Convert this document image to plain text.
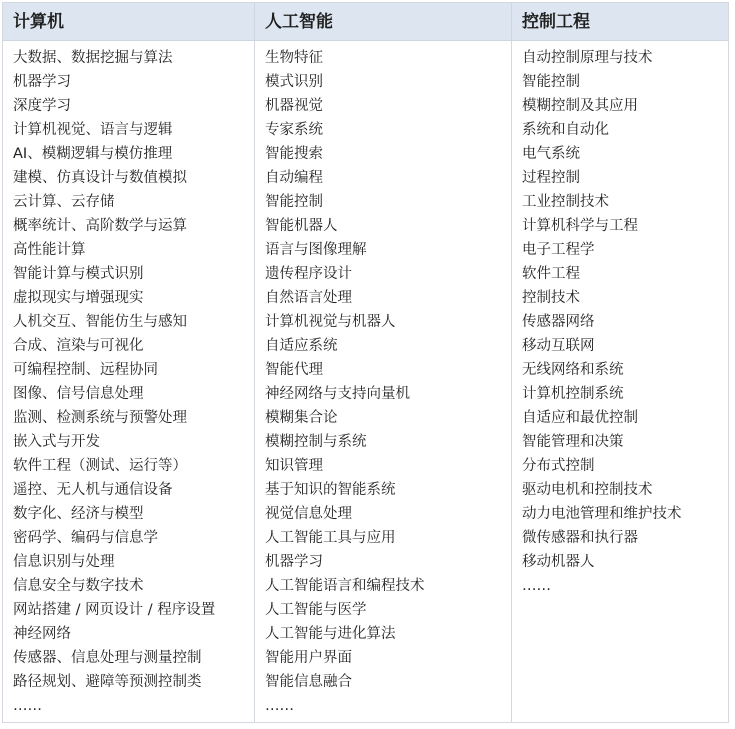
计算机	人工智能	控制工程
大数据、数据挖掘与算法
机器学习
深度学习
计算机视觉、语言与逻辑
AI、模糊逻辑与模仿推理
建模、仿真设计与数值模拟
云计算、云存储
概率统计、高阶数学与运算
高性能计算
智能计算与模式识别
虚拟现实与增强现实
人机交互、智能仿生与感知
合成、渲染与可视化
可编程控制、远程协同
图像、信号信息处理
监测、检测系统与预警处理
嵌入式与开发
软件工程（测试、运行等）
遥控、无人机与通信设备
数字化、经济与模型
密码学、编码与信息学
信息识别与处理
信息安全与数字技术
网站搭建 / 网页设计 / 程序设置
神经网络
传感器、信息处理与测量控制
路径规划、避障等预测控制类
……
生物特征
模式识别
机器视觉
专家系统
智能搜索
自动编程
智能控制
智能机器人
语言与图像理解
遗传程序设计
自然语言处理
计算机视觉与机器人
自适应系统
智能代理
神经网络与支持向量机
模糊集合论
模糊控制与系统
知识管理
基于知识的智能系统
视觉信息处理
人工智能工具与应用
机器学习
人工智能语言和编程技术
人工智能与医学
人工智能与进化算法
智能用户界面
智能信息融合
……
自动控制原理与技术
智能控制
模糊控制及其应用
系统和自动化
电气系统
过程控制
工业控制技术
计算机科学与工程
电子工程学
软件工程
控制技术
传感器网络
移动互联网
无线网络和系统
计算机控制系统
自适应和最优控制
智能管理和决策
分布式控制
驱动电机和控制技术
动力电池管理和维护技术
微传感器和执行器
移动机器人
……
